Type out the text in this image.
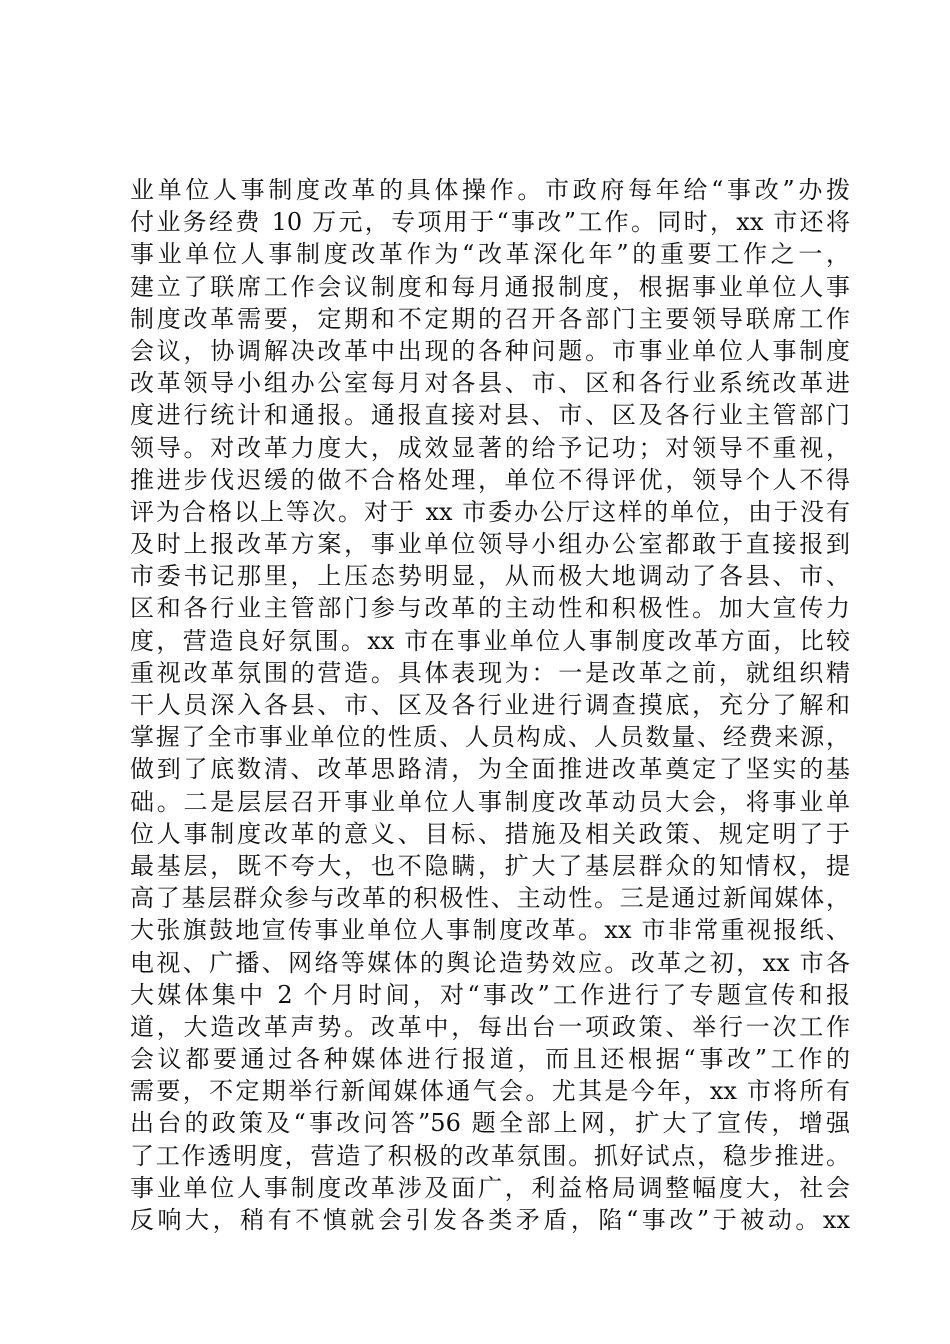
业单位人事制度改革的具体操作。市政府每年给“事改”办拨
付业务经费 10 万元，专项用于“事改”工作。同时，xx 市还将
事业单位人事制度改革作为“改革深化年”的重要工作之一，
建立了联席工作会议制度和每月通报制度，根据事业单位人事
制度改革需要，定期和不定期的召开各部门主要领导联席工作
会议，协调解决改革中出现的各种问题。市事业单位人事制度
改革领导小组办公室每月对各县、市、区和各行业系统改革进
度进行统计和通报。通报直接对县、市、区及各行业主管部门
领导。对改革力度大，成效显著的给予记功；对领导不重视，
推进步伐迟缓的做不合格处理，单位不得评优，领导个人不得
评为合格以上等次。对于 xx 市委办公厅这样的单位，由于没有
及时上报改革方案，事业单位领导小组办公室都敢于直接报到
市委书记那里，上压态势明显，从而极大地调动了各县、市、
区和各行业主管部门参与改革的主动性和积极性。加大宣传力
度，营造良好氛围。xx 市在事业单位人事制度改革方面，比较
重视改革氛围的营造。具体表现为：一是改革之前，就组织精
干人员深入各县、市、区及各行业进行调查摸底，充分了解和
掌握了全市事业单位的性质、人员构成、人员数量、经费来源，
做到了底数清、改革思路清，为全面推进改革奠定了坚实的基
础。二是层层召开事业单位人事制度改革动员大会，将事业单
位人事制度改革的意义、目标、措施及相关政策、规定明了于
最基层，既不夸大，也不隐瞒，扩大了基层群众的知情权，提
高了基层群众参与改革的积极性、主动性。三是通过新闻媒体，
大张旗鼓地宣传事业单位人事制度改革。xx 市非常重视报纸、
电视、广播、网络等媒体的舆论造势效应。改革之初，xx 市各
大媒体集中 2 个月时间，对“事改”工作进行了专题宣传和报
道，大造改革声势。改革中，每出台一项政策、举行一次工作
会议都要通过各种媒体进行报道，而且还根据“事改”工作的
需要，不定期举行新闻媒体通气会。尤其是今年，xx 市将所有
出台的政策及“事改问答”56 题全部上网，扩大了宣传，增强
了工作透明度，营造了积极的改革氛围。抓好试点，稳步推进。
事业单位人事制度改革涉及面广，利益格局调整幅度大，社会
反响大，稍有不慎就会引发各类矛盾，陷“事改”于被动。xx
